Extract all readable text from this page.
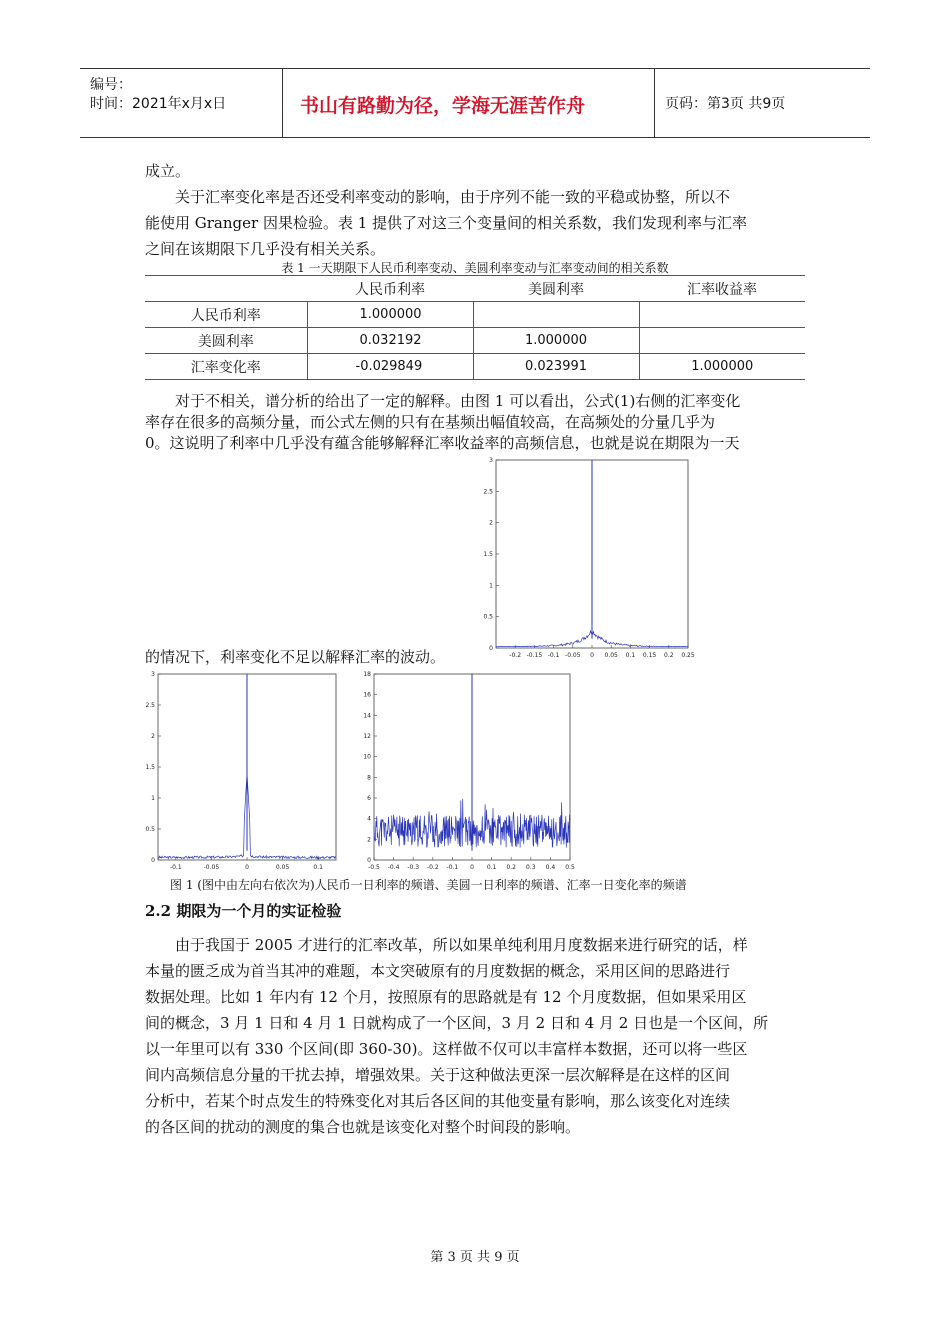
编号：
时间：2021年x月x日	书山有路勤为径，学海无涯苦作舟	页码：第3页 共9页
成立。
关于汇率变化率是否还受利率变动的影响，由于序列不能一致的平稳或协整，所以不
能使用 Granger 因果检验。表 1 提供了对这三个变量间的相关系数，我们发现利率与汇率
之间在该期限下几乎没有相关关系。
表 1 一天期限下人民币利率变动、美圆利率变动与汇率变动间的相关系数
	人民币利率	美圆利率	汇率收益率
人民币利率	1.000000		
美圆利率	0.032192	1.000000	
汇率变化率	-0.029849	0.023991	1.000000
对于不相关，谱分析的给出了一定的解释。由图 1 可以看出，公式(1)右侧的汇率变化
率存在很多的高频分量，而公式左侧的只有在基频出幅值较高，在高频处的分量几乎为
0。这说明了利率中几乎没有蕴含能够解释汇率收益率的高频信息，也就是说在期限为一天
的情况下，利率变化不足以解释汇率的波动。	-0.2 -0.15 -0.1 -0.05 0 0.05 0.1 0.15 0.2 0.25
0
0.5
1
1.5
2
2.5
3
-0.1	-0.05	0	0.05	0.1
0
0.5
1
1.5
2
2.5
3
-0.5 -0.4 -0.3 -0.2 -0.1 0 0.1 0.2 0.3 0.4 0.5
0
2
4
6
8
10
12
14
16
18
图 1 (图中由左向右依次为)人民币一日利率的频谱、美圆一日利率的频谱、汇率一日变化率的频谱
2.2 期限为一个月的实证检验
由于我国于 2005 才进行的汇率改革，所以如果单纯利用月度数据来进行研究的话，样
本量的匮乏成为首当其冲的难题，本文突破原有的月度数据的概念，采用区间的思路进行
数据处理。比如 1 年内有 12 个月，按照原有的思路就是有 12 个月度数据，但如果采用区
间的概念，3 月 1 日和 4 月 1 日就构成了一个区间，3 月 2 日和 4 月 2 日也是一个区间，所
以一年里可以有 330 个区间(即 360-30)。这样做不仅可以丰富样本数据，还可以将一些区
间内高频信息分量的干扰去掉，增强效果。关于这种做法更深一层次解释是在这样的区间
分析中，若某个时点发生的特殊变化对其后各区间的其他变量有影响，那么该变化对连续
的各区间的扰动的测度的集合也就是该变化对整个时间段的影响。
第 3 页 共 9 页
